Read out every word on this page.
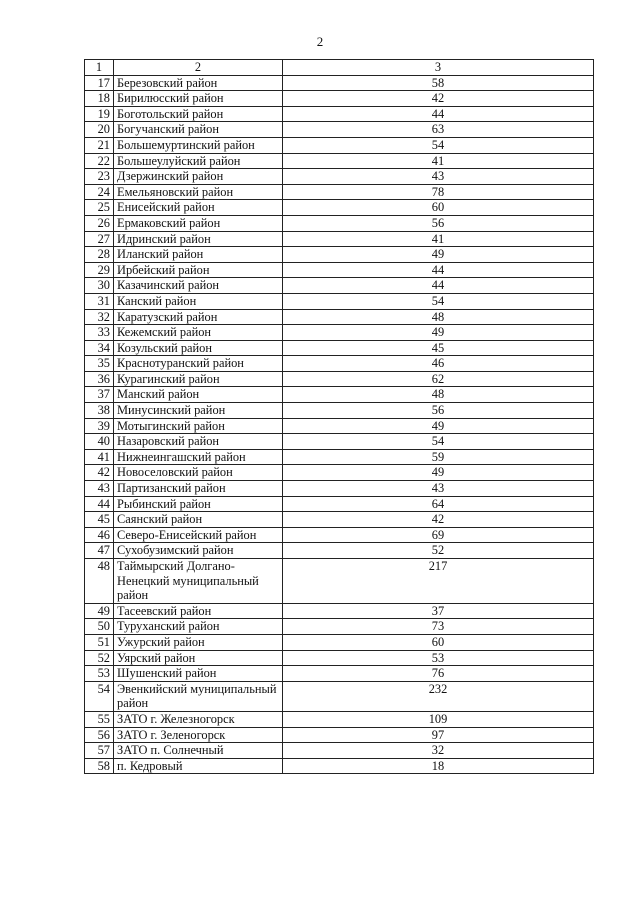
2
1	2	3
17	Березовский район	58
18	Бирилюсский район	42
19	Боготольский район	44
20	Богучанский район	63
21	Большемуртинский район	54
22	Большеулуйский район	41
23	Дзержинский район	43
24	Емельяновский район	78
25	Енисейский район	60
26	Ермаковский район	56
27	Идринский район	41
28	Иланский район	49
29	Ирбейский район	44
30	Казачинский район	44
31	Канский район	54
32	Каратузский район	48
33	Кежемский район	49
34	Козульский район	45
35	Краснотуранский район	46
36	Курагинский район	62
37	Манский район	48
38	Минусинский район	56
39	Мотыгинский район	49
40	Назаровский район	54
41	Нижнеингашский район	59
42	Новоселовский район	49
43	Партизанский район	43
44	Рыбинский район	64
45	Саянский район	42
46	Северо-Енисейский район	69
47	Сухобузимский район	52
48	Таймырский Долгано-Ненецкий муниципальный район	217
49	Тасеевский район	37
50	Туруханский район	73
51	Ужурский район	60
52	Уярский район	53
53	Шушенский район	76
54	Эвенкийский муниципальный район	232
55	ЗАТО г. Железногорск	109
56	ЗАТО г. Зеленогорск	97
57	ЗАТО п. Солнечный	32
58	п. Кедровый	18
